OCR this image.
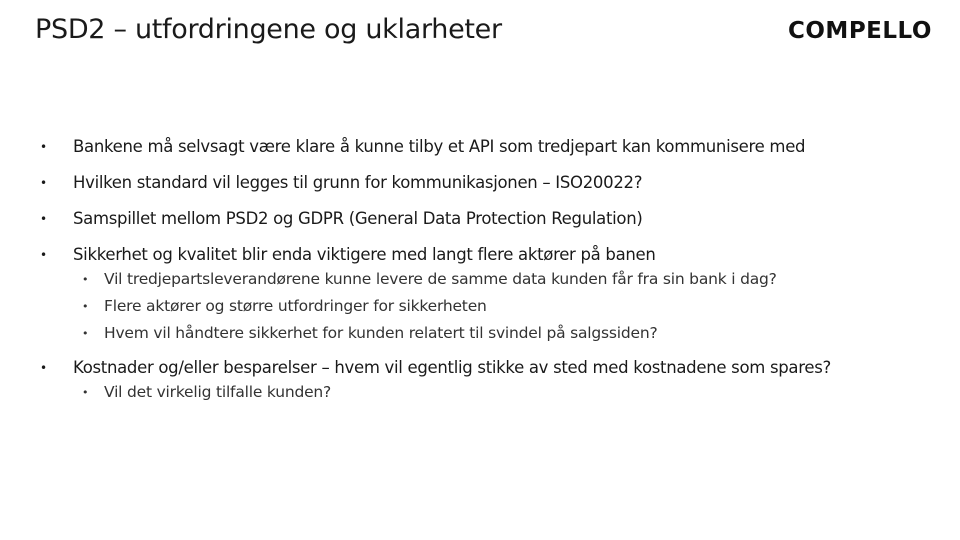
PSD2 – utfordringene og uklarheter	COMPELLO
• Bankene må selvsagt være klare å kunne tilby et API som tredjepart kan kommunisere med
• Hvilken standard vil legges til grunn for kommunikasjonen – ISO20022?
• Samspillet mellom PSD2 og GDPR (General Data Protection Regulation)
• Sikkerhet og kvalitet blir enda viktigere med langt flere aktører på banen
• Vil tredjepartsleverandørene kunne levere de samme data kunden får fra sin bank i dag?
• Flere aktører og større utfordringer for sikkerheten
• Hvem vil håndtere sikkerhet for kunden relatert til svindel på salgssiden?
• Kostnader og/eller besparelser – hvem vil egentlig stikke av sted med kostnadene som spares?
• Vil det virkelig tilfalle kunden?
